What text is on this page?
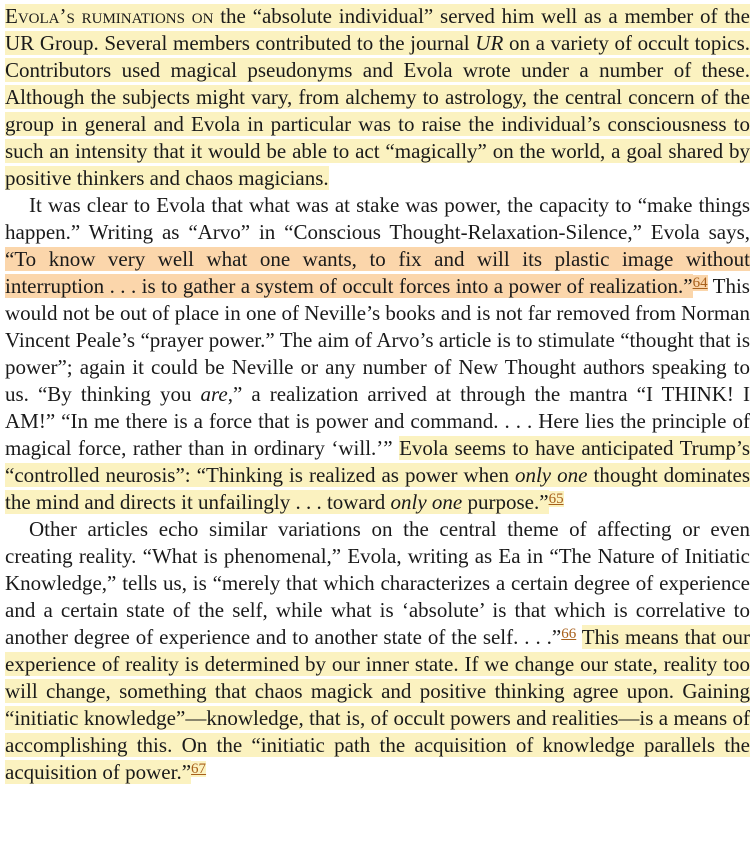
Evola’s ruminations on the “absolute individual” served him well as a member of the UR Group. Several members contributed to the journal UR on a variety of occult topics. Contributors used magical pseudonyms and Evola wrote under a number of these. Although the subjects might vary, from alchemy to astrology, the central concern of the group in general and Evola in particular was to raise the individual’s consciousness to such an intensity that it would be able to act “magically” on the world, a goal shared by positive thinkers and chaos magicians.

It was clear to Evola that what was at stake was power, the capacity to “make things happen.” Writing as “Arvo” in “Conscious Thought-Relaxation-Silence,” Evola says, “To know very well what one wants, to fix and will its plastic image without interruption . . . is to gather a system of occult forces into a power of realization.”$^{64}$ This would not be out of place in one of Neville’s books and is not far removed from Norman Vincent Peale’s “prayer power.” The aim of Arvo’s article is to stimulate “thought that is power”; again it could be Neville or any number of New Thought authors speaking to us. “By thinking you are,” a realization arrived at through the mantra “I THINK! I AM!” “In me there is a force that is power and command. . . . Here lies the principle of magical force, rather than in ordinary ‘will.’” Evola seems to have anticipated Trump’s “controlled neurosis”: “Thinking is realized as power when only one thought dominates the mind and directs it unfailingly . . . toward only one purpose.”$^{65}$

Other articles echo similar variations on the central theme of affecting or even creating reality. “What is phenomenal,” Evola, writing as Ea in “The Nature of Initiatic Knowledge,” tells us, is “merely that which characterizes a certain degree of experience and a certain state of the self, while what is ‘absolute’ is that which is correlative to another degree of experience and to another state of the self. . . .”$^{66}$ This means that our experience of reality is determined by our inner state. If we change our state, reality too will change, something that chaos magick and positive thinking agree upon. Gaining “initiatic knowledge”—knowledge, that is, of occult powers and realities—is a means of accomplishing this. On the “initiatic path the acquisition of knowledge parallels the acquisition of power.”$^{67}$
